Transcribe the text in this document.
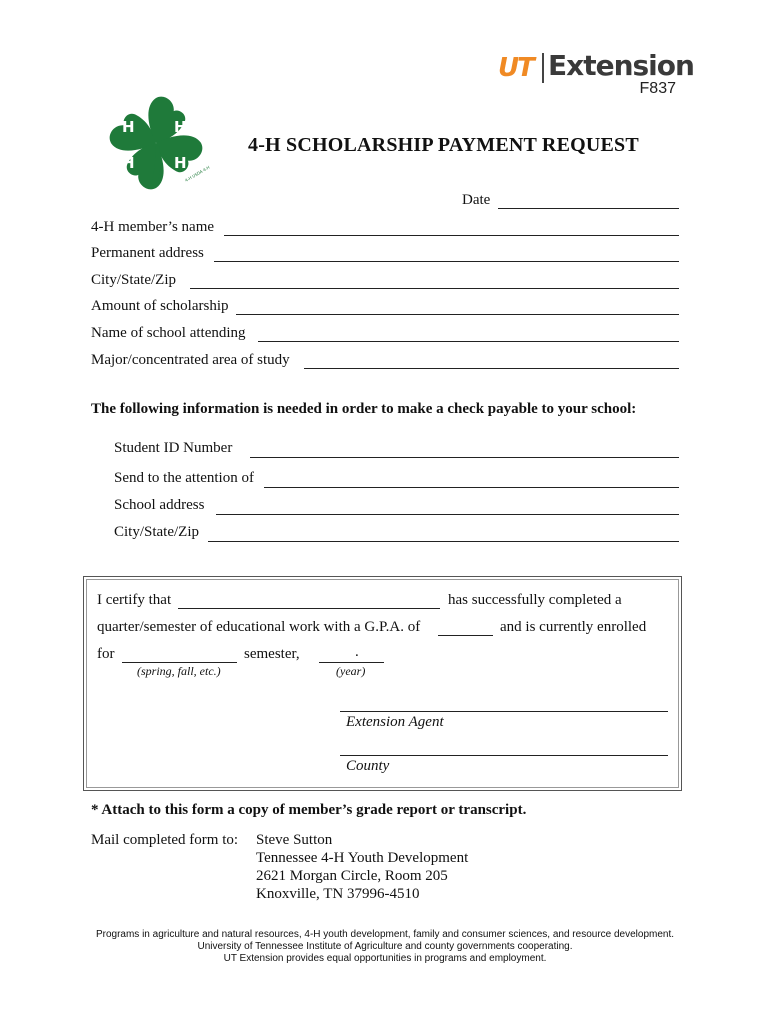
H	H
H	H
4-H USDA 4-H
UT Extension
F837
4-H SCHOLARSHIP PAYMENT REQUEST
Date
4-H member’s name
Permanent address
City/State/Zip
Amount of scholarship
Name of school attending
Major/concentrated area of study
The following information is needed in order to make a check payable to your school:
Student ID Number
Send to the attention of
School address
City/State/Zip
I certify that	has successfully completed a
quarter/semester of educational work with a G.P.A. of	and is currently enrolled
for	semester,	.
(spring, fall, etc.)	(year)
Extension Agent
County
* Attach to this form a copy of member’s grade report or transcript.
Mail completed form to: Steve Sutton
Tennessee 4-H Youth Development
2621 Morgan Circle, Room 205
Knoxville, TN 37996-4510
Programs in agriculture and natural resources, 4-H youth development, family and consumer sciences, and resource development.
University of Tennessee Institute of Agriculture and county governments cooperating.
UT Extension provides equal opportunities in programs and employment.
